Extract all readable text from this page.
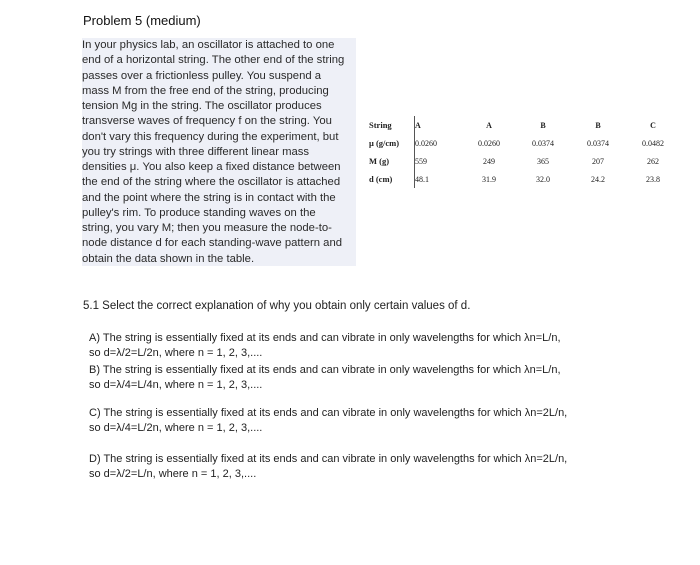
Problem 5 (medium)

In your physics lab, an oscillator is attached to one

end of a horizontal string. The other end of the string

passes over a frictionless pulley. You suspend a

mass M from the free end of the string, producing

tension Mg in the string. The oscillator produces

transverse waves of frequency f on the string. You

don't vary this frequency during the experiment, but

you try strings with three different linear mass

densities μ. You also keep a fixed distance between

the end of the string where the oscillator is attached

and the point where the string is in contact with the

pulley's rim. To produce standing waves on the

string, you vary M; then you measure the node-to-

node distance d for each standing-wave pattern and

obtain the data shown in the table.

String	A	A	B	B	C
μ (g/cm)	0.0260	0.0260	0.0374	0.0374	0.0482
M (g)	559	249	365	207	262
d (cm)	48.1	31.9	32.0	24.2	23.8
5.1 Select the correct explanation of why you obtain only certain values of d.
A) The string is essentially fixed at its ends and can vibrate in only wavelengths for which λn=L/n,
so d=λ/2=L/2n, where n = 1, 2, 3,....
B) The string is essentially fixed at its ends and can vibrate in only wavelengths for which λn=L/n,
so d=λ/4=L/4n, where n = 1, 2, 3,....
C) The string is essentially fixed at its ends and can vibrate in only wavelengths for which λn=2L/n,
so d=λ/4=L/2n, where n = 1, 2, 3,....
D) The string is essentially fixed at its ends and can vibrate in only wavelengths for which λn=2L/n,
so d=λ/2=L/n, where n = 1, 2, 3,....
